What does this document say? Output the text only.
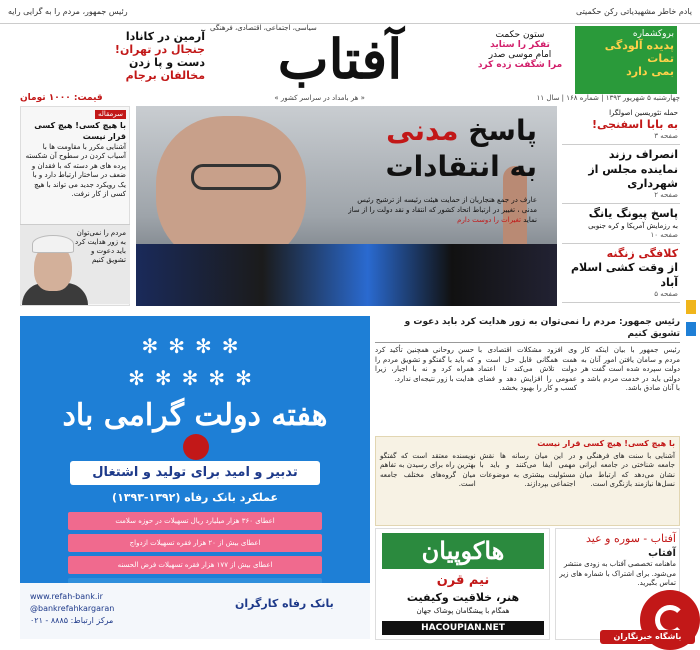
یادم خاطر مشهیدیاتی رکن حکمیتی
رئیس جمهور، مردم را به گرایی رایه
بروکشماره
پدیده آلودگی
تمات
بمی دارد
ستون حکمت
تفکر را ستاید
امام موسی صدر
مرا شگفت زده کرد
آفتاب
سیاسی، اجتماعی، اقتصادی، فرهنگی
آرمین در کانادا
جنجال در تهران!
دست و پا زدن
مخالفان برجام
چهارشنبه ۵ شهریور ۱۳۹۳ | شماره ۱۶۸ | سال ۱۱
« هر بامداد در سراسر کشور »
قیمت: ۱۰۰۰ تومان
سرمقاله
با هیچ کسی! هیچ کسی قرار نیست
آشنایی مکرر با مقاومت ها با آسیاب کردن در سطوح آن شکسته پرده های هر دسته که با فقدان و ضعف در ساختار ارتباط دارد و با یک رویکرد جدید می تواند با هیچ کسی از کار نرفت.
مردم را نمی‌توان به زور هدایت کرد باید دعوت و تشویق کنیم
پاسخ مدنی
به انتقادات
عارف در جمع هنجاریان از حمایت هیئت رئیسه از ترشیح رئیس مدنی ، تغییر در ارتباط اتحاد کشور که انتقاد و نقد دولت را از ساز نماید تغیرات را دوست دارم
حمله تئوریسین اصولگرا
به بابا اسفنجی!
صفحه ۳
انصراف رزند
نماینده مجلس از شهرداری
صفحه ۲
پاسخ پیونگ یانگ
به رزمایش آمریکا و کره جنوبی
صفحه ۱۰
کلافگی زنگنه
از وقت کشی اسلام آباد
صفحه ۵
✻✻✻✻
✻✻✻✻✻
هفته دولت گرامی باد
تدبیر و امید برای تولید و اشتغال
عملکرد بانک رفاه (۱۳۹۲-۱۳۹۳)
اعطای ۳۶۰ هزار میلیارد ریال تسهیلات در حوزه سلامت
اعطای بیش از ۲۰ هزار فقره تسهیلات ازدواج
اعطای بیش از ۱۷۷ هزار فقره تسهیلات فرض الحسنه
بانک رفاه کارگران
www.refah-bank.ir
@bankrefahkargaran
مرکز ارتباط: ۸۸۸۵ - ۰۲۱
رئیس جمهور: مردم را نمی‌توان به زور هدایت کرد باید دعوت و تشویق کنیم
رئیس جمهور با بیان اینکه کار مردم و سامان یافتن امور آنان به دولت سپرده شده است گفت هر دولتی باید در خدمت مردم باشد و با آنان صادق باشد.
وی افزود مشکلات اقتصادی با همت همگانی قابل حل است و دولت تلاش می‌کند تا اعتماد عمومی را افزایش دهد و فضای کسب و کار را بهبود بخشد.
حسن روحانی همچنین تأکید کرد که باید با گفتگو و تشویق مردم را همراه کرد و نه با اجبار، زیرا هدایت با زور نتیجه‌ای ندارد.
با هیچ کسی! هیچ کسی قرار نیست
آشنایی با سنت های فرهنگی و جامعه شناختی در جامعه ایرانی نشان می‌دهد که ارتباط میان نسل‌ها نیازمند بازنگری است.
در این میان رسانه ها نقش مهمی ایفا می‌کنند و باید با مسئولیت بیشتری به موضوعات اجتماعی بپردازند.
نویسنده معتقد است که گفتگو بهترین راه برای رسیدن به تفاهم میان گروه‌های مختلف جامعه است.
هاکوپیان
نیم قرن
هنر، خلاقیت وکیفیت
همگام با پیشگامان پوشاک جهان
HACOUPIAN.NET
آفتاب - سوره و عید
آفتاب
ماهنامه تخصصی آفتاب به زودی منتشر می‌شود. برای اشتراک با شماره های زیر تماس بگیرید.
باشگاه خبرنگاران
